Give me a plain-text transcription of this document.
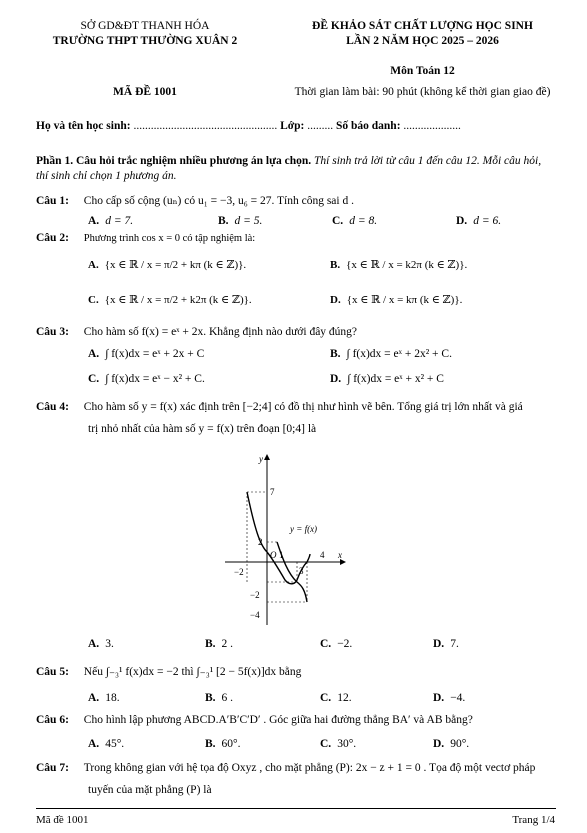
SỞ GD&ĐT THANH HÓA
TRƯỜNG THPT THƯỜNG XUÂN 2
MÃ ĐỀ 1001
ĐỀ KHẢO SÁT CHẤT LƯỢNG HỌC SINH
LẦN 2 NĂM HỌC 2025 – 2026
Môn Toán 12
Thời gian làm bài: 90 phút (không kể thời gian giao đề)
Họ và tên học sinh: .................................................. Lớp: ......... Số báo danh: ....................
Phần 1. Câu hỏi trắc nghiệm nhiều phương án lựa chọn. Thí sinh trả lời từ câu 1 đến câu 12. Mỗi câu hỏi,
thí sinh chỉ chọn 1 phương án.
Câu 1: Cho cấp số cộng (uₙ) có u₁ = −3, u₆ = 27. Tính công sai d .
A. d = 7.	B. d = 5.	C. d = 8.	D. d = 6.
Câu 2: Phương trình cos x = 0 có tập nghiệm là:
A. {x ∈ ℝ / x = π/2 + kπ (k ∈ ℤ)}.	B. {x ∈ ℝ / x = k2π (k ∈ ℤ)}.
C. {x ∈ ℝ / x = π/2 + k2π (k ∈ ℤ)}.	D. {x ∈ ℝ / x = kπ (k ∈ ℤ)}.
Câu 3: Cho hàm số f(x) = eˣ + 2x. Khẳng định nào dưới đây đúng?
A. ∫ f(x)dx = eˣ + 2x + C	B. ∫ f(x)dx = eˣ + 2x² + C.
C. ∫ f(x)dx = eˣ − x² + C.	D. ∫ f(x)dx = eˣ + x² + C
Câu 4: Cho hàm số y = f(x) xác định trên [−2;4] có đồ thị như hình vẽ bên. Tổng giá trị lớn nhất và giá
trị nhỏ nhất của hàm số y = f(x) trên đoạn [0;4] là
y
x
7
2
−2
−4
−2
O 1
3
4
y = f(x)
A. 3.	B. 2 .	C. −2.	D. 7.
Câu 5: Nếu ∫₋₃¹ f(x)dx = −2 thì ∫₋₃¹ [2 − 5f(x)]dx bằng
A. 18.	B. 6 .	C. 12.	D. −4.
Câu 6: Cho hình lập phương ABCD.A′B′C′D′ . Góc giữa hai đường thẳng BA′ và AB bằng?
A. 45°.	B. 60°.	C. 30°.	D. 90°.
Câu 7: Trong không gian với hệ tọa độ Oxyz , cho mặt phẳng (P): 2x − z + 1 = 0 . Tọa độ một vectơ pháp
tuyến của mặt phẳng (P) là
Mã đề 1001	Trang 1/4
